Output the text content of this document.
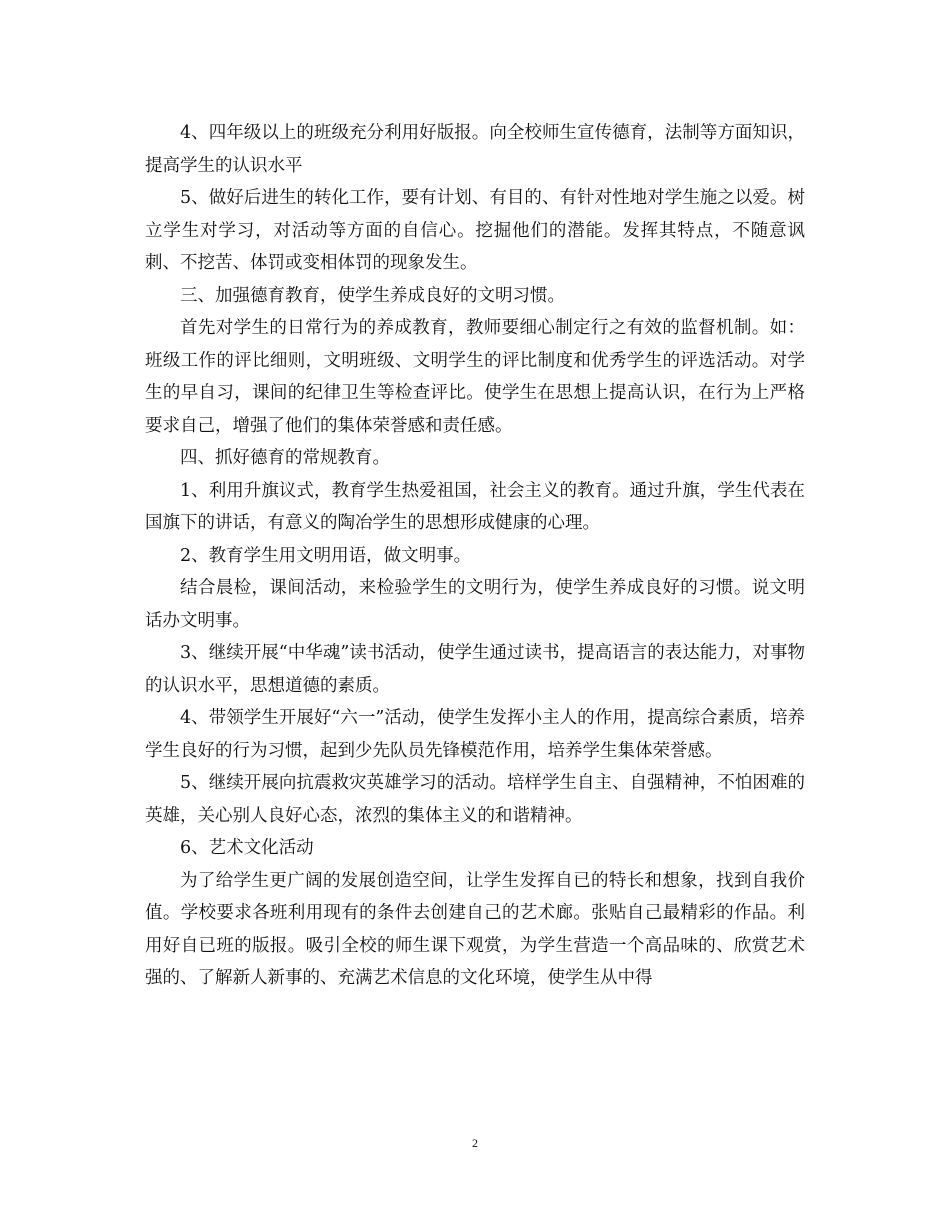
4、四年级以上的班级充分利用好版报。向全校师生宣传德育，法制等方面知识，提高学生的认识水平

5、做好后进生的转化工作，要有计划、有目的、有针对性地对学生施之以爱。树立学生对学习，对活动等方面的自信心。挖掘他们的潜能。发挥其特点，不随意讽刺、不挖苦、体罚或变相体罚的现象发生。

三、加强德育教育，使学生养成良好的文明习惯。

首先对学生的日常行为的养成教育，教师要细心制定行之有效的监督机制。如：班级工作的评比细则，文明班级、文明学生的评比制度和优秀学生的评选活动。对学生的早自习，课间的纪律卫生等检查评比。使学生在思想上提高认识，在行为上严格要求自己，增强了他们的集体荣誉感和责任感。

四、抓好德育的常规教育。

1、利用升旗议式，教育学生热爱祖国，社会主义的教育。通过升旗，学生代表在国旗下的讲话，有意义的陶冶学生的思想形成健康的心理。

2、教育学生用文明用语，做文明事。

结合晨检，课间活动，来检验学生的文明行为，使学生养成良好的习惯。说文明话办文明事。

3、继续开展“中华魂”读书活动，使学生通过读书，提高语言的表达能力，对事物的认识水平，思想道德的素质。

4、带领学生开展好“六一”活动，使学生发挥小主人的作用，提高综合素质，培养学生良好的行为习惯，起到少先队员先锋模范作用，培养学生集体荣誉感。

5、继续开展向抗震救灾英雄学习的活动。培样学生自主、自强精神，不怕困难的英雄，关心别人良好心态，浓烈的集体主义的和谐精神。

6、艺术文化活动

为了给学生更广阔的发展创造空间，让学生发挥自已的特长和想象，找到自我价值。学校要求各班利用现有的条件去创建自己的艺术廊。张贴自己最精彩的作品。利用好自已班的版报。吸引全校的师生课下观赏，为学生营造一个高品味的、欣赏艺术强的、了解新人新事的、充满艺术信息的文化环境，使学生从中得

2
